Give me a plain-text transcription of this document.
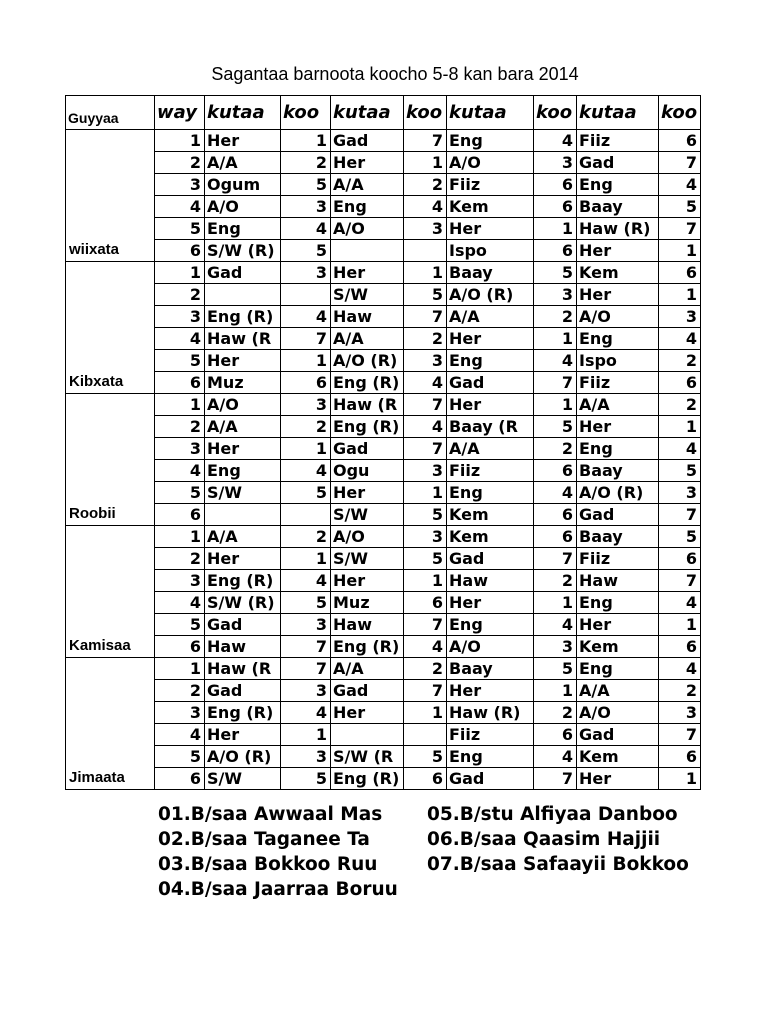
Sagantaa barnoota koocho 5-8 kan bara 2014
Guyyaa	way	kutaa	koo	kutaa	koo	kutaa	koo	kutaa	koo
wiixata	1	Her	1	Gad	7	Eng	4	Fiiz	6
	2	A/A	2	Her	1	A/O	3	Gad	7
	3	Ogum	5	A/A	2	Fiiz	6	Eng	4
	4	A/O	3	Eng	4	Kem	6	Baay	5
	5	Eng	4	A/O	3	Her	1	Haw (R)	7
	6	S/W (R)	5			Ispo	6	Her	1
Kibxata	1	Gad	3	Her	1	Baay	5	Kem	6
	2			S/W	5	A/O (R)	3	Her	1
	3	Eng (R)	4	Haw	7	A/A	2	A/O	3
	4	Haw (R	7	A/A	2	Her	1	Eng	4
	5	Her	1	A/O (R)	3	Eng	4	Ispo	2
	6	Muz	6	Eng (R)	4	Gad	7	Fiiz	6
Roobii	1	A/O	3	Haw (R	7	Her	1	A/A	2
	2	A/A	2	Eng (R)	4	Baay (R	5	Her	1
	3	Her	1	Gad	7	A/A	2	Eng	4
	4	Eng	4	Ogu	3	Fiiz	6	Baay	5
	5	S/W	5	Her	1	Eng	4	A/O (R)	3
	6			S/W	5	Kem	6	Gad	7
Kamisaa	1	A/A	2	A/O	3	Kem	6	Baay	5
	2	Her	1	S/W	5	Gad	7	Fiiz	6
	3	Eng (R)	4	Her	1	Haw	2	Haw	7
	4	S/W (R)	5	Muz	6	Her	1	Eng	4
	5	Gad	3	Haw	7	Eng	4	Her	1
	6	Haw	7	Eng (R)	4	A/O	3	Kem	6
Jimaata	1	Haw (R	7	A/A	2	Baay	5	Eng	4
	2	Gad	3	Gad	7	Her	1	A/A	2
	3	Eng (R)	4	Her	1	Haw (R)	2	A/O	3
	4	Her	1			Fiiz	6	Gad	7
	5	A/O (R)	3	S/W (R	5	Eng	4	Kem	6
	6	S/W	5	Eng (R)	6	Gad	7	Her	1
01.B/saa Awwaal Mas
02.B/saa Taganee Ta
03.B/saa Bokkoo Ruu
04.B/saa Jaarraa Boruu
05.B/stu Alfiyaa Danboo
06.B/saa Qaasim Hajjii
07.B/saa Safaayii Bokkoo
